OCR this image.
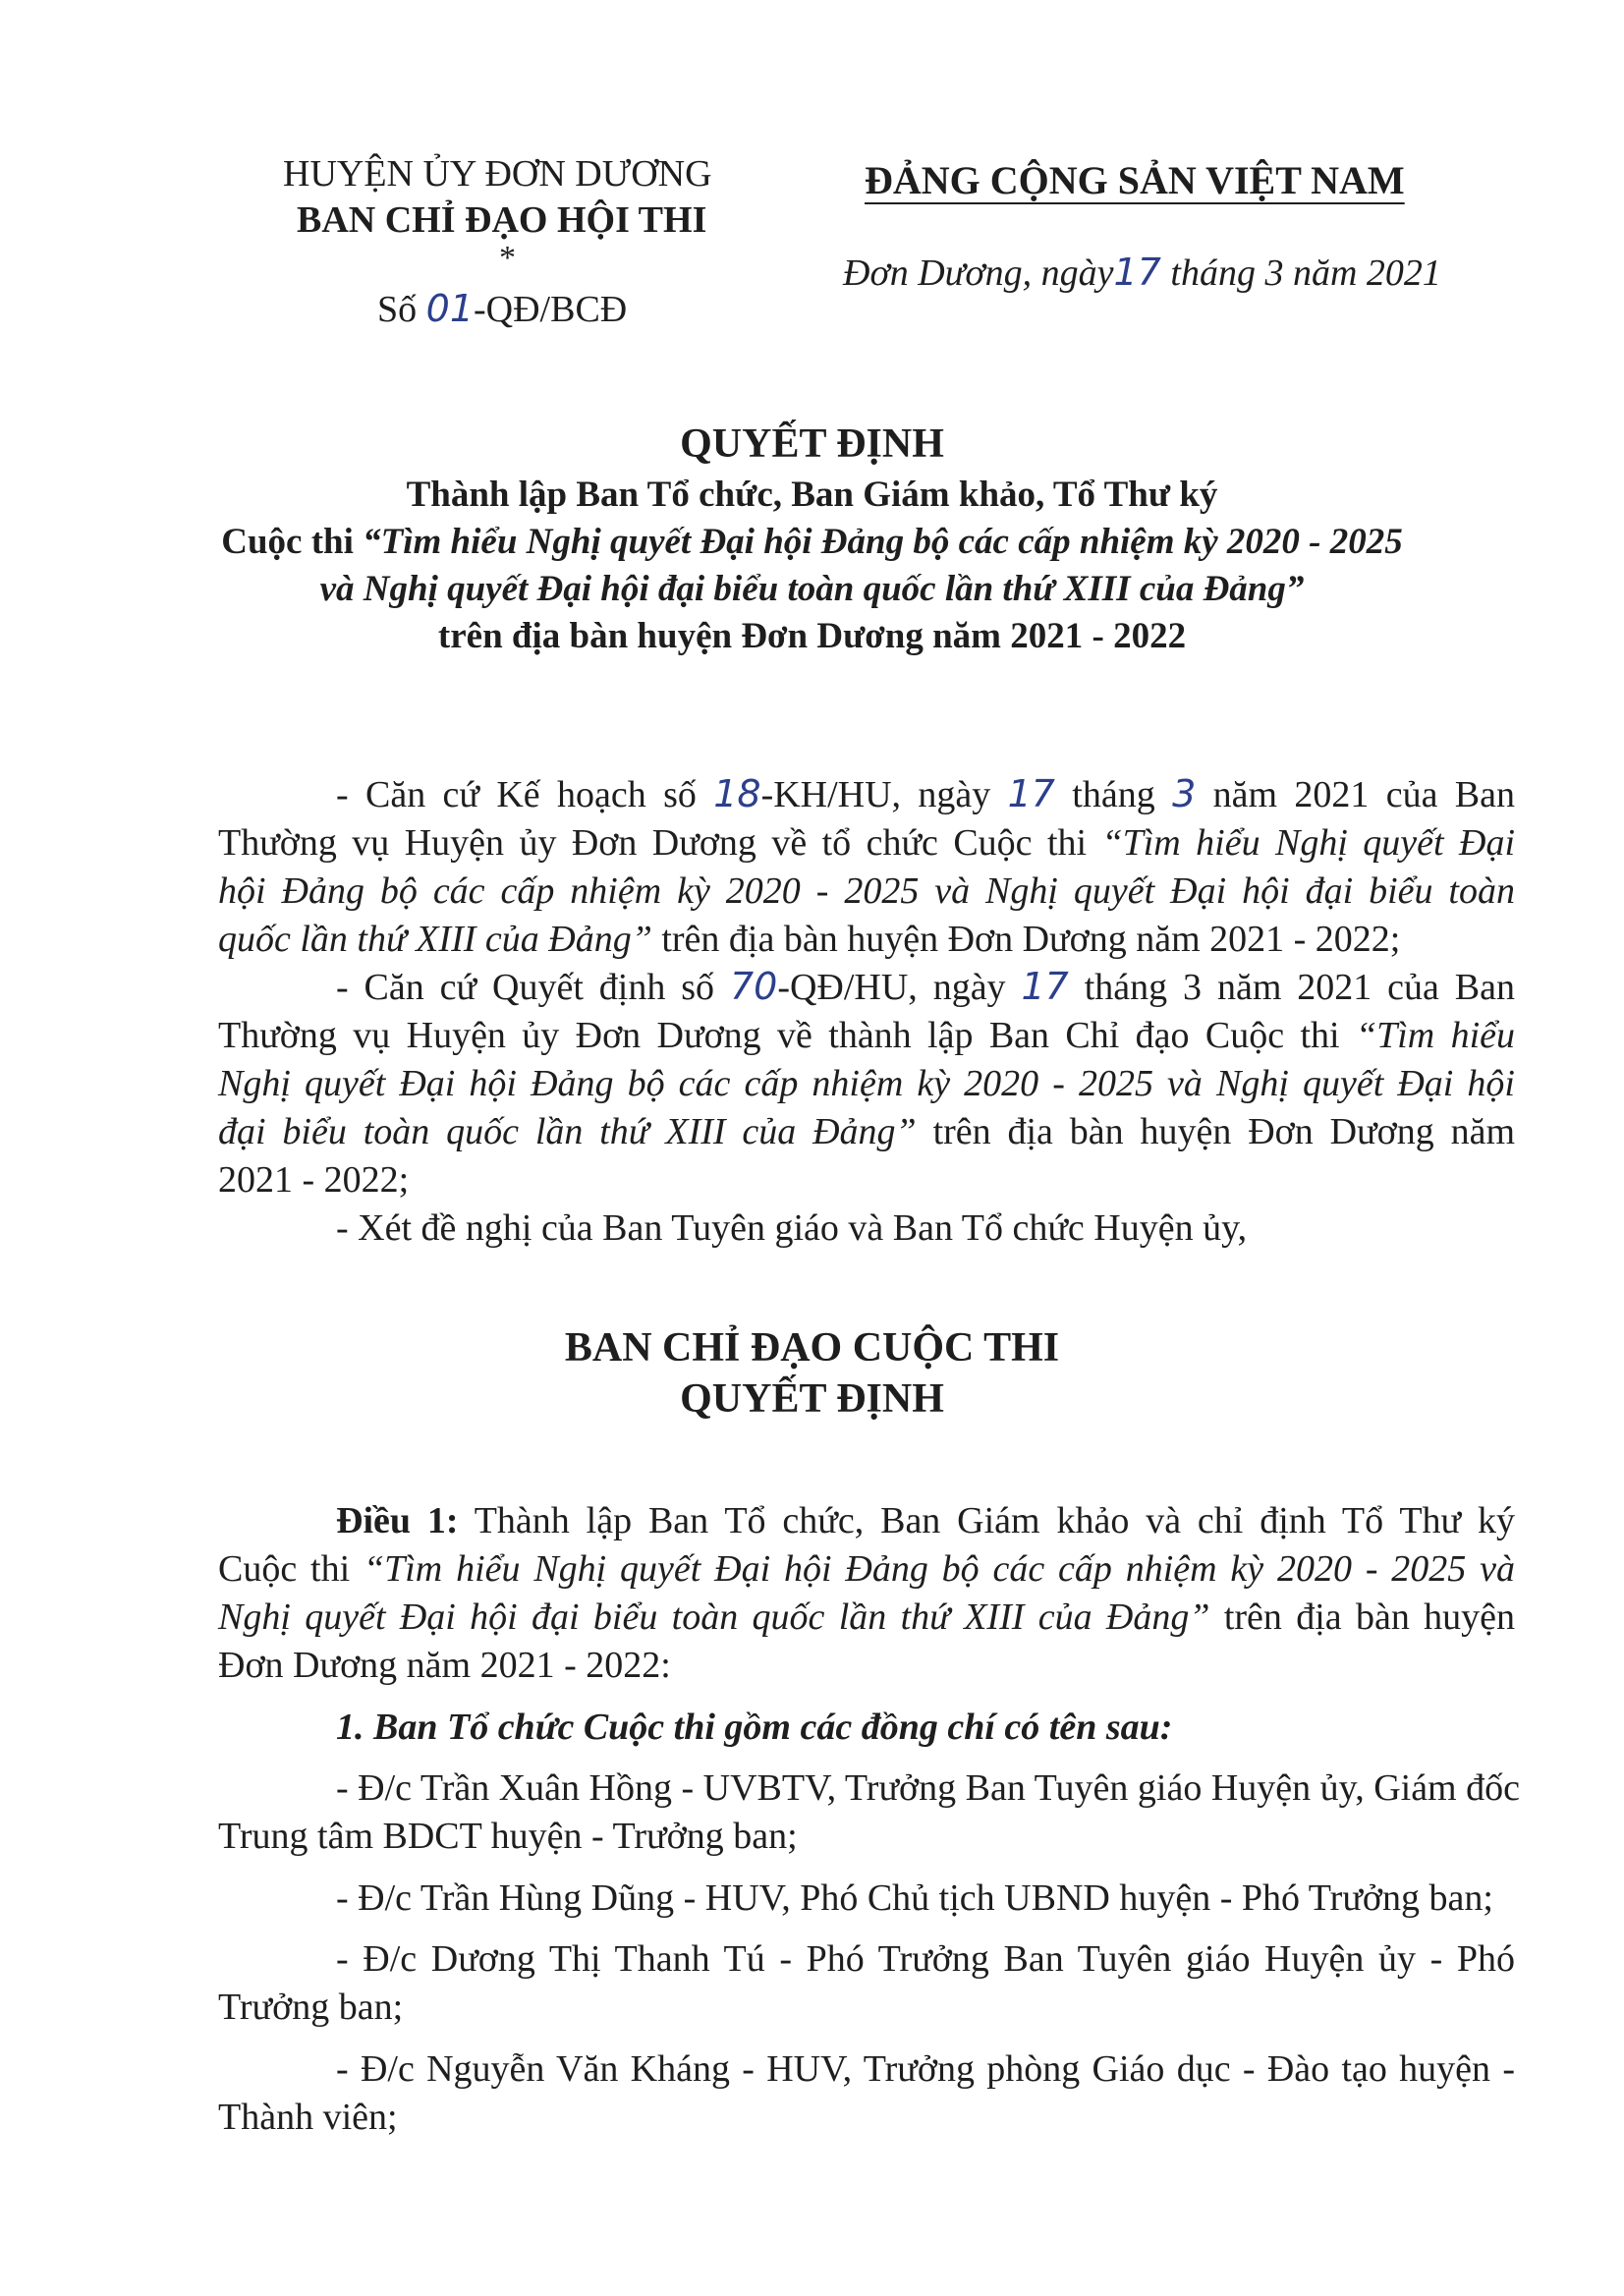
HUYỆN ỦY ĐƠN DƯƠNG
BAN CHỈ ĐẠO HỘI THI
*
Số 01-QĐ/BCĐ
ĐẢNG CỘNG SẢN VIỆT NAM
Đơn Dương, ngày17 tháng 3 năm 2021
QUYẾT ĐỊNH
Thành lập Ban Tổ chức, Ban Giám khảo, Tổ Thư ký
Cuộc thi “Tìm hiểu Nghị quyết Đại hội Đảng bộ các cấp nhiệm kỳ 2020 - 2025
và Nghị quyết Đại hội đại biểu toàn quốc lần thứ XIII của Đảng”
trên địa bàn huyện Đơn Dương năm 2021 - 2022
- Căn cứ Kế hoạch số 18-KH/HU, ngày 17 tháng 3 năm 2021 của Ban
Thường vụ Huyện ủy Đơn Dương về tổ chức Cuộc thi “Tìm hiểu Nghị quyết Đại
hội Đảng bộ các cấp nhiệm kỳ 2020 - 2025 và Nghị quyết Đại hội đại biểu toàn
quốc lần thứ XIII của Đảng” trên địa bàn huyện Đơn Dương năm 2021 - 2022;
- Căn cứ Quyết định số 70-QĐ/HU, ngày 17 tháng 3 năm 2021 của Ban
Thường vụ Huyện ủy Đơn Dương về thành lập Ban Chỉ đạo Cuộc thi “Tìm hiểu
Nghị quyết Đại hội Đảng bộ các cấp nhiệm kỳ 2020 - 2025 và Nghị quyết Đại hội
đại biểu toàn quốc lần thứ XIII của Đảng” trên địa bàn huyện Đơn Dương năm
2021 - 2022;
- Xét đề nghị của Ban Tuyên giáo và Ban Tổ chức Huyện ủy,
BAN CHỈ ĐẠO CUỘC THI
QUYẾT ĐỊNH
Điều 1: Thành lập Ban Tổ chức, Ban Giám khảo và chỉ định Tổ Thư ký
Cuộc thi “Tìm hiểu Nghị quyết Đại hội Đảng bộ các cấp nhiệm kỳ 2020 - 2025 và
Nghị quyết Đại hội đại biểu toàn quốc lần thứ XIII của Đảng” trên địa bàn huyện
Đơn Dương năm 2021 - 2022:
1. Ban Tổ chức Cuộc thi gồm các đồng chí có tên sau:
- Đ/c Trần Xuân Hồng - UVBTV, Trưởng Ban Tuyên giáo Huyện ủy, Giám đốc
Trung tâm BDCT huyện - Trưởng ban;
- Đ/c Trần Hùng Dũng - HUV, Phó Chủ tịch UBND huyện - Phó Trưởng ban;
- Đ/c Dương Thị Thanh Tú - Phó Trưởng Ban Tuyên giáo Huyện ủy - Phó
Trưởng ban;
- Đ/c Nguyễn Văn Kháng - HUV, Trưởng phòng Giáo dục - Đào tạo huyện -
Thành viên;
